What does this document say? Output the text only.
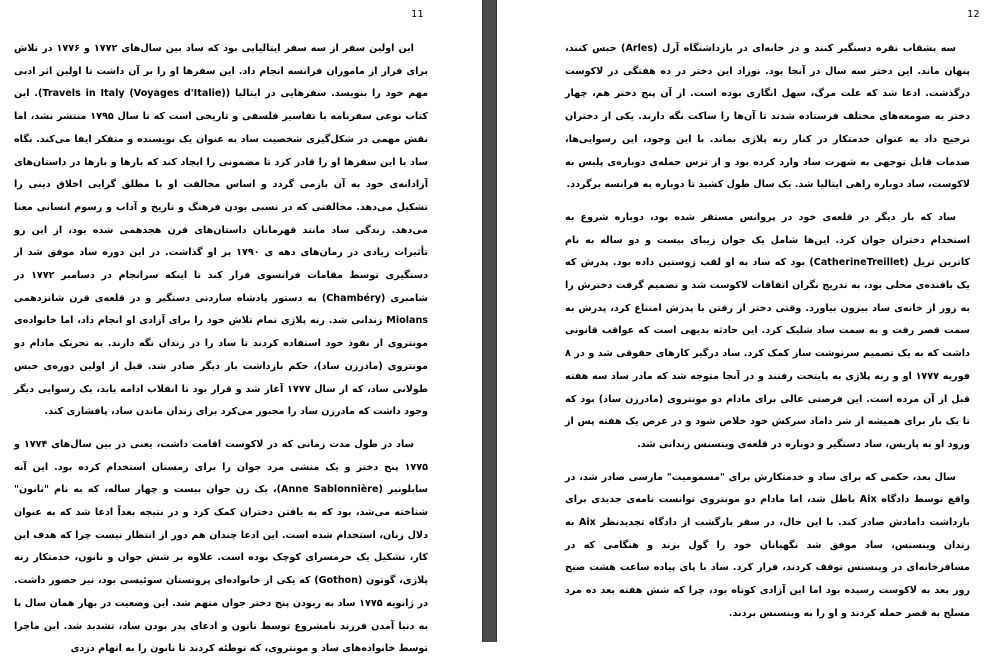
11

این اولین سفر از سه سفر ایتالیایی بود که ساد بین سال‌های ۱۷۷۲ و ۱۷۷۶ در تلاش برای فرار از ماموران فرانسه انجام داد. این سفرها او را بر آن داشت تا اولین اثر ادبی مهم خود را بنویسد. سفرهایی در ایتالیا (Travels in Italy (Voyages d'Italie)). این کتاب نوعی سفرنامه با تفاسیر فلسفی و تاریخی است که تا سال ۱۷۹۵ منتشر نشد، اما نقش مهمی در شکل‌گیری شخصیت ساد به عنوان یک نویسنده و متفکر ایفا می‌کند. نگاه ساد با این سفرها او را قادر کرد تا مضمونی را ایجاد کند که بارها و بارها در داستان‌های آزادانه‌ی خود به آن بازمی گردد و اساس مخالفت او با مطلق گرایی اخلاق دینی را تشکیل می‌دهد. مخالفتی که در نسبی بودن فرهنگ و تاریخ و آداب و رسوم انسانی معنا می‌دهد. زندگی ساد مانند قهرمانان داستان‌های قرن هجدهمی شده بود، از این رو تأثیرات زیادی در رمان‌های دهه ی ۱۷۹۰ بر او گذاشت. در این دوره ساد موفق شد از دستگیری توسط مقامات فرانسوی فرار کند تا اینکه سرانجام در دسامبر ۱۷۷۲ در شامبری (Chambéry) به دستور پادشاه ساردنی دستگیر و در قلعه‌ی قرن شانزدهمی Miolans زندانی شد. رنه پلاژی تمام تلاش خود را برای آزادی او انجام داد، اما خانواده‌ی مونتروی از نفوذ خود استفاده کردند تا ساد را در زندان نگه دارند. به تحریک مادام دو مونتروی (مادرزن ساد)، حکم بازداشت بار دیگر صادر شد. قبل از اولین دوره‌ی حبس طولانی ساد، که از سال ۱۷۷۷ آغاز شد و قرار بود تا انقلاب ادامه یابد، یک رسوایی دیگر وجود داشت که مادرزن ساد را مجبور می‌کرد برای زندان ماندن ساد، پافشاری کند.

ساد در طول مدت زمانی که در لاکوست اقامت داشت، یعنی در بین سال‌های ۱۷۷۴ و ۱۷۷۵ پنج دختر و یک منشی مرد جوان را برای زمستان استخدام کرده بود. این آنه سابلونیر (Anne Sablonnière)، یک زن جوان بیست و چهار ساله، که به نام "نانون" شناخته می‌شد، بود که به یافتن دختران کمک کرد و در نتیجه بعداً ادعا شد که به عنوان دلال زنان، استخدام شده است. این ادعا چندان هم دور از انتظار نیست چرا که هدف این کار، تشکیل یک حرمسرای کوچک بوده است. علاوه بر شش جوان و نانون، خدمتکار رنه پلاژی، گوتون (Gothon) که یکی از خانواده‌ای پروتستان سوئیسی بود، نیز حضور داشت. در ژانویه ۱۷۷۵ ساد به ربودن پنج دختر جوان متهم شد. این وضعیت در بهار همان سال با به دنیا آمدن فرزند نامشروع توسط نانون و ادعای پدر بودن ساد، تشدید شد. این ماجرا توسط خانواده‌های ساد و مونتروی، که توطئه کردند تا نانون را به اتهام دزدی

12

سه بشقاب نقره دستگیر کنند و در خانه‌ای در بازداشتگاه آرل (Arles) حبس کنند، پنهان ماند. این دختر سه سال در آنجا بود. نوزاد این دختر در ده هفتگی در لاکوست درگذشت. ادعا شد که علت مرگ، سهل انگاری بوده است. از آن پنج دختر هم، چهار دختر به صومعه‌های مختلف فرستاده شدند تا آن‌ها را ساکت نگه دارند. یکی از دختران ترجیح داد به عنوان خدمتکار در کنار رنه پلاژی بماند. با این وجود، این رسوایی‌ها، صدمات قابل توجهی به شهرت ساد وارد کرده بود و از ترس حمله‌ی دوباره‌ی پلیس به لاکوست، ساد دوباره راهی ایتالیا شد. یک سال طول کشید تا دوباره به فرانسه برگردد.

ساد که بار دیگر در قلعه‌ی خود در پروانس مستقر شده بود، دوباره شروع به استخدام دختران جوان کرد. این‌ها شامل یک جوان زیبای بیست و دو ساله به نام کاترین تریل (CatherineTreillet) بود که ساد به او لقب ژوستین داده بود. پدرش که یک بافنده‌ی محلی بود، به تدریج نگران اتفاقات لاکوست شد و تصمیم گرفت دخترش را به زور از خانه‌ی ساد بیرون بیاورد. وقتی دختر از رفتن با پدرش امتناع کرد، پدرش به سمت قصر رفت و به سمت ساد شلیک کرد. این حادثه بدیهی است که عواقب قانونی داشت که به یک تصمیم سرنوشت ساز کمک کرد. ساد درگیر کارهای حقوقی شد و در ۸ فوریه ۱۷۷۷ او و رنه پلاژی به پایتخت رفتند و در آنجا متوجه شد که مادر ساد سه هفته قبل از آن مرده است. این فرصتی عالی برای مادام دو مونتروی (مادرزن ساد) بود که تا یک بار برای همیشه از شر داماد سرکش خود خلاص شود و در عرض یک هفته پس از ورود او به پاریس، ساد دستگیر و دوباره در قلعه‌ی وینسنس زندانی شد.

سال بعد، حکمی که برای ساد و خدمتکارش برای "مسمومیت" مارسی صادر شد، در واقع توسط دادگاه Aix باطل شد، اما مادام دو مونتروی توانست نامه‌ی جدیدی برای بازداشت دامادش صادر کند. با این حال، در سفر بازگشت از دادگاه تجدیدنظر Aix به زندان وینسنس، ساد موفق شد نگهبانان خود را گول بزند و هنگامی که در مسافرخانه‌ای در وینسنس توقف کردند، فرار کرد. ساد با پای پیاده ساعت هشت صبح روز بعد به لاکوست رسیده بود اما این آزادی کوتاه بود، چرا که شش هفته بعد ده مرد مسلح به قصر حمله کردند و او را به وینسنس بردند.
